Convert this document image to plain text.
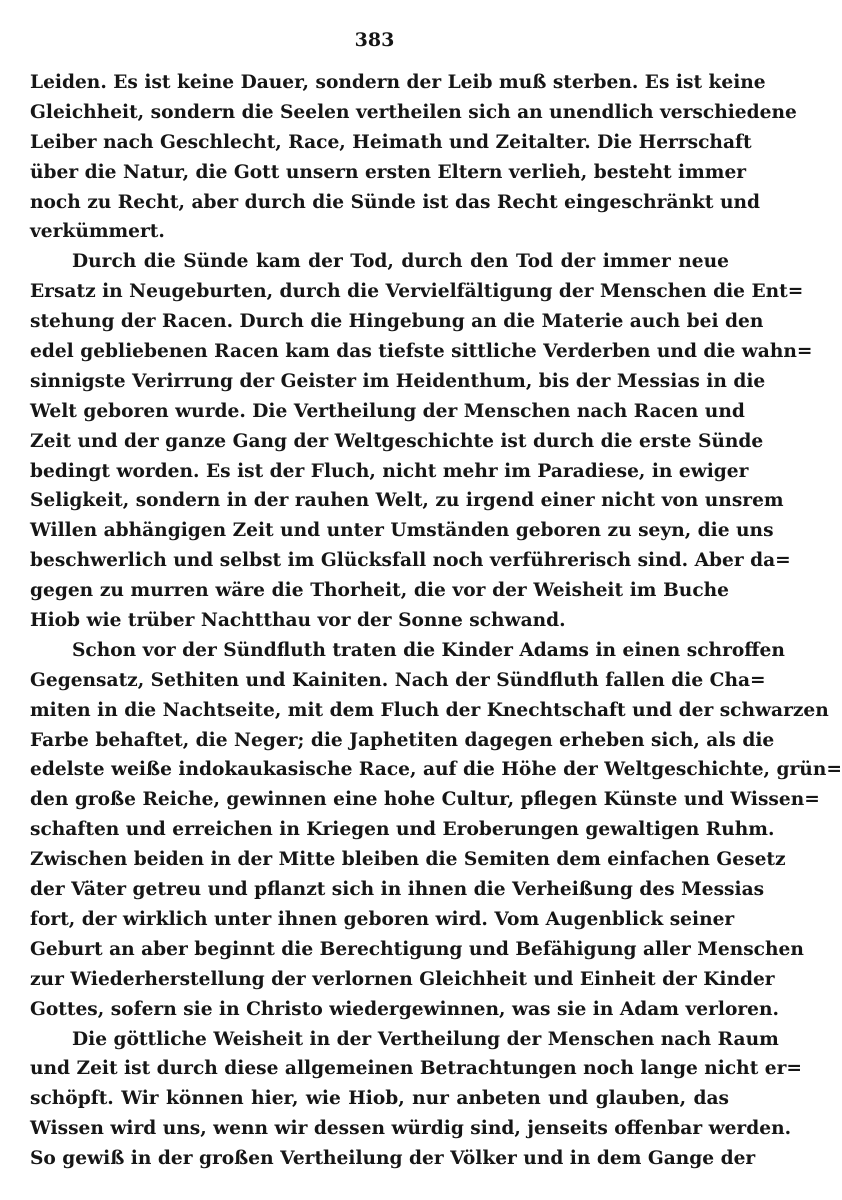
383
Leiden. Es ist keine Dauer, sondern der Leib muß sterben. Es ist keine
Gleichheit, sondern die Seelen vertheilen sich an unendlich verschiedene
Leiber nach Geschlecht, Race, Heimath und Zeitalter. Die Herrschaft
über die Natur, die Gott unsern ersten Eltern verlieh, besteht immer
noch zu Recht, aber durch die Sünde ist das Recht eingeschränkt und
verkümmert.
Durch die Sünde kam der Tod, durch den Tod der immer neue
Ersatz in Neugeburten, durch die Vervielfältigung der Menschen die Ent=
stehung der Racen. Durch die Hingebung an die Materie auch bei den
edel gebliebenen Racen kam das tiefste sittliche Verderben und die wahn=
sinnigste Verirrung der Geister im Heidenthum, bis der Messias in die
Welt geboren wurde. Die Vertheilung der Menschen nach Racen und
Zeit und der ganze Gang der Weltgeschichte ist durch die erste Sünde
bedingt worden. Es ist der Fluch, nicht mehr im Paradiese, in ewiger
Seligkeit, sondern in der rauhen Welt, zu irgend einer nicht von unsrem
Willen abhängigen Zeit und unter Umständen geboren zu seyn, die uns
beschwerlich und selbst im Glücksfall noch verführerisch sind. Aber da=
gegen zu murren wäre die Thorheit, die vor der Weisheit im Buche
Hiob wie trüber Nachtthau vor der Sonne schwand.
Schon vor der Sündfluth traten die Kinder Adams in einen schroffen
Gegensatz, Sethiten und Kainiten. Nach der Sündfluth fallen die Cha=
miten in die Nachtseite, mit dem Fluch der Knechtschaft und der schwarzen
Farbe behaftet, die Neger; die Japhetiten dagegen erheben sich, als die
edelste weiße indokaukasische Race, auf die Höhe der Weltgeschichte, grün=
den große Reiche, gewinnen eine hohe Cultur, pflegen Künste und Wissen=
schaften und erreichen in Kriegen und Eroberungen gewaltigen Ruhm.
Zwischen beiden in der Mitte bleiben die Semiten dem einfachen Gesetz
der Väter getreu und pflanzt sich in ihnen die Verheißung des Messias
fort, der wirklich unter ihnen geboren wird. Vom Augenblick seiner
Geburt an aber beginnt die Berechtigung und Befähigung aller Menschen
zur Wiederherstellung der verlornen Gleichheit und Einheit der Kinder
Gottes, sofern sie in Christo wiedergewinnen, was sie in Adam verloren.
Die göttliche Weisheit in der Vertheilung der Menschen nach Raum
und Zeit ist durch diese allgemeinen Betrachtungen noch lange nicht er=
schöpft. Wir können hier, wie Hiob, nur anbeten und glauben, das
Wissen wird uns, wenn wir dessen würdig sind, jenseits offenbar werden.
So gewiß in der großen Vertheilung der Völker und in dem Gange der
